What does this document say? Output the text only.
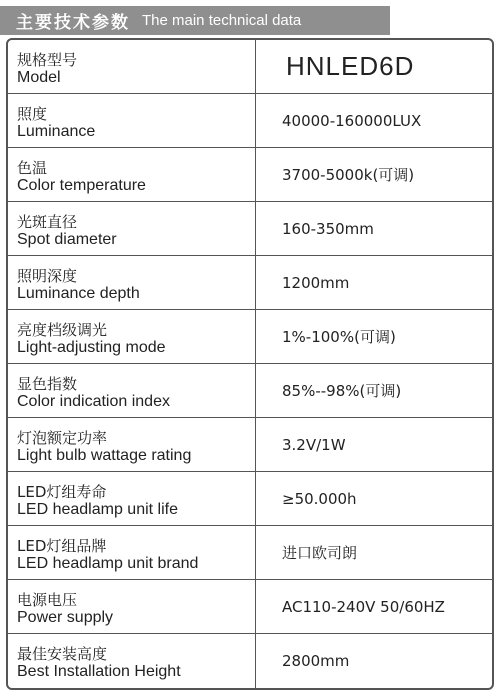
主要技术参数 The main technical data
规格型号
Model	HNLED6D
照度
Luminance
40000-160000LUX
色温
Color temperature
3700-5000k(可调)
光斑直径
Spot diameter
160-350mm
照明深度
Luminance depth
1200mm
亮度档级调光
Light-adjusting mode
1%-100%(可调)
显色指数
Color indication index
85%--98%(可调)
灯泡额定功率
Light bulb wattage rating
3.2V/1W
LED灯组寿命
LED headlamp unit life
≥50.000h
LED灯组品牌
LED headlamp unit brand
进口欧司朗
电源电压
Power supply
AC110-240V 50/60HZ
最佳安装高度
Best Installation Height
2800mm
